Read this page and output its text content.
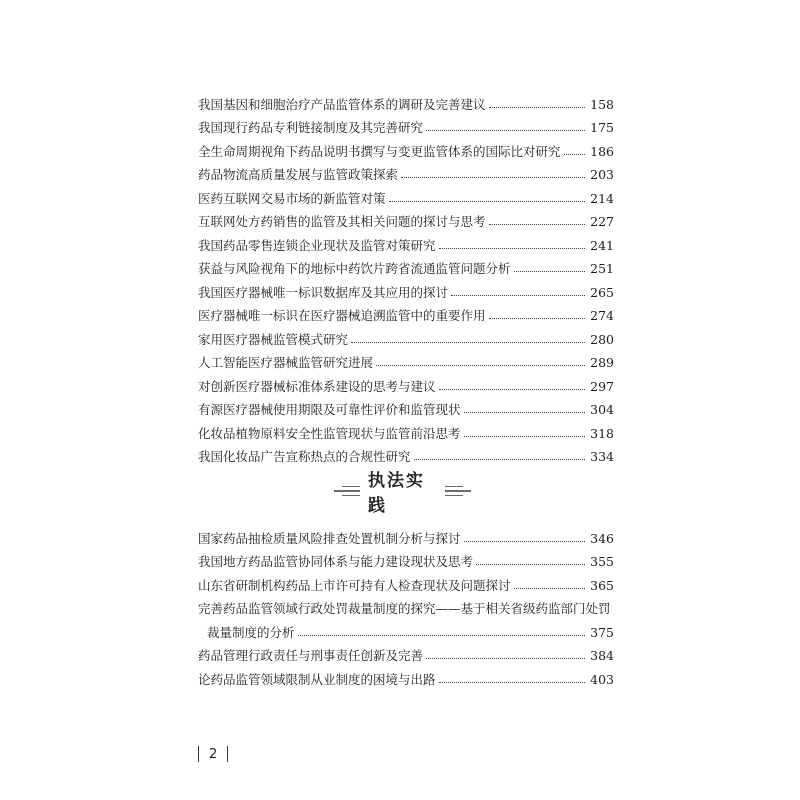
我国基因和细胞治疗产品监管体系的调研及完善建议	158
我国现行药品专利链接制度及其完善研究	175
全生命周期视角下药品说明书撰写与变更监管体系的国际比对研究 186
药品物流高质量发展与监管政策探索	203
医药互联网交易市场的新监管对策	214
互联网处方药销售的监管及其相关问题的探讨与思考	227
我国药品零售连锁企业现状及监管对策研究	241
获益与风险视角下的地标中药饮片跨省流通监管问题分析	251
我国医疗器械唯一标识数据库及其应用的探讨	265
医疗器械唯一标识在医疗器械追溯监管中的重要作用	274
家用医疗器械监管模式研究	280
人工智能医疗器械监管研究进展	289
对创新医疗器械标准体系建设的思考与建议	297
有源医疗器械使用期限及可靠性评价和监管现状	304
化妆品植物原料安全性监管现状与监管前沿思考	318
我国化妆品广告宣称热点的合规性研究	334
执法实践
国家药品抽检质量风险排查处置机制分析与探讨	346
我国地方药品监管协同体系与能力建设现状及思考	355
山东省研制机构药品上市许可持有人检查现状及问题探讨	365
完善药品监管领域行政处罚裁量制度的探究——基于相关省级药监部门处罚
裁量制度的分析	375
药品管理行政责任与刑事责任创新及完善	384
论药品监管领域限制从业制度的困境与出路	403
2
